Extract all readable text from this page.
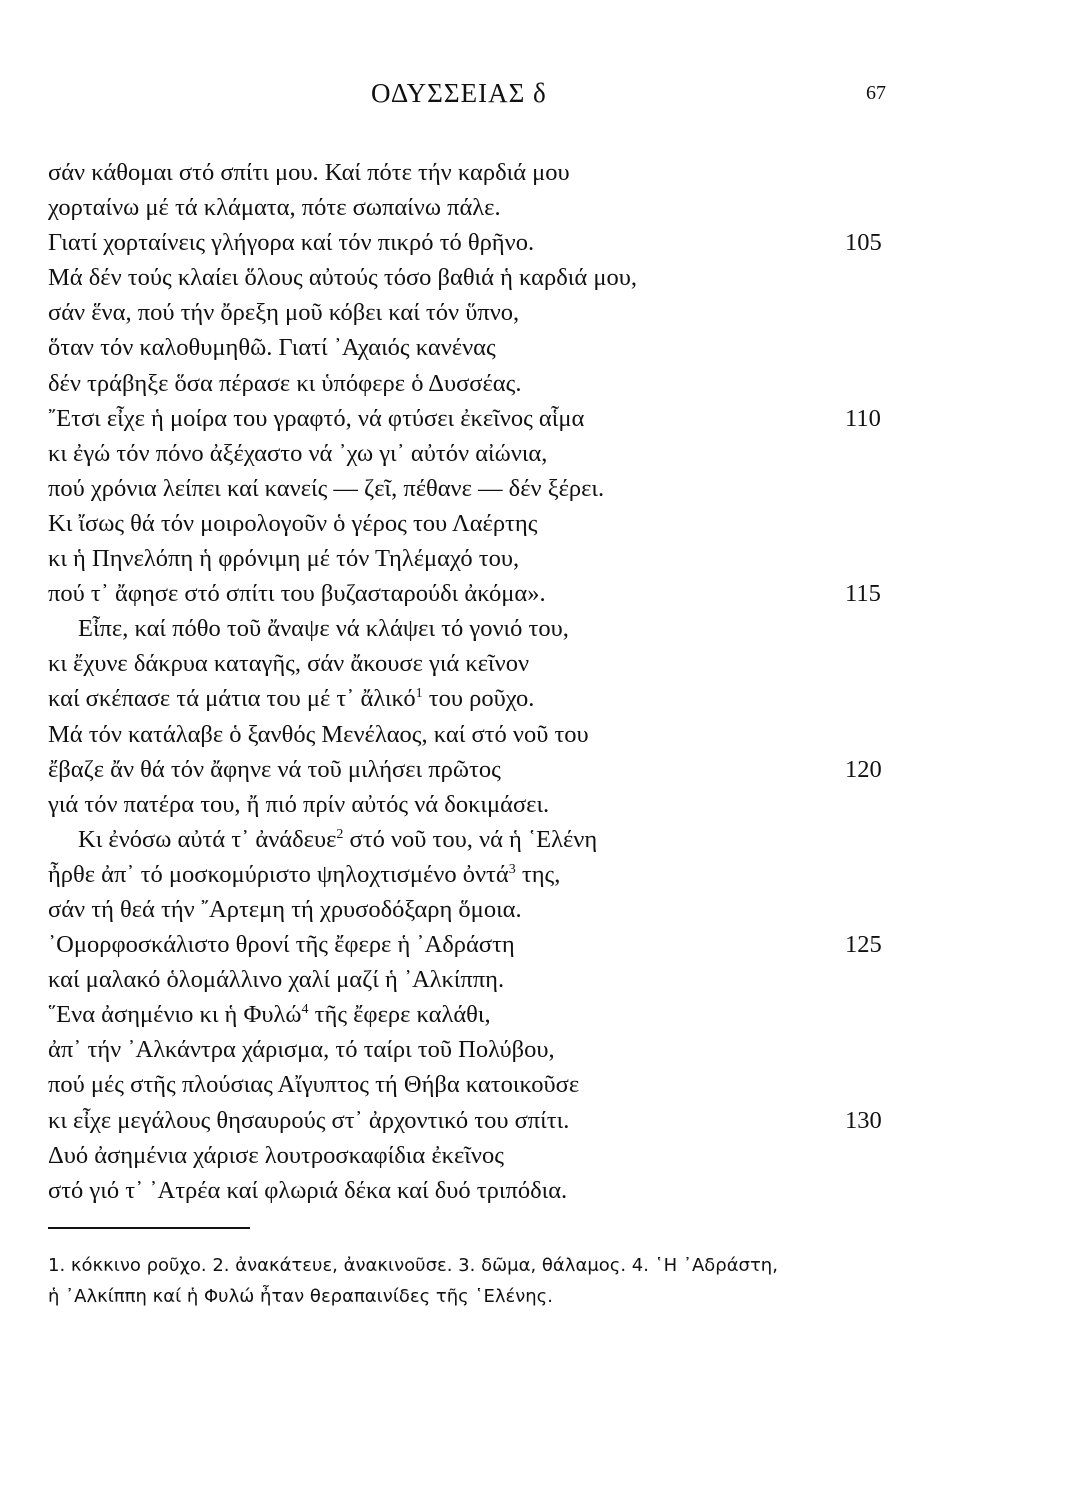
ΟΔΥΣΣΕΙΑΣ δ	67
σάν κάθομαι στό σπίτι μου. Καί πότε τήν καρδιά μου
χορταίνω μέ τά κλάματα, πότε σωπαίνω πάλε.
Γιατί χορταίνεις γλήγορα καί τόν πικρό τό θρῆνο.	105
Μά δέν τούς κλαίει ὅλους αὐτούς τόσο βαθιά ἡ καρδιά μου,
σάν ἕνα, πού τήν ὄρεξη μοῦ κόβει καί τόν ὕπνο,
ὅταν τόν καλοθυμηθῶ. Γιατί ᾿Αχαιός κανένας
δέν τράβηξε ὅσα πέρασε κι ὑπόφερε ὁ Δυσσέας.
῎Ετσι εἶχε ἡ μοίρα του γραφτό, νά φτύσει ἐκεῖνος αἷμα	110
κι ἐγώ τόν πόνο ἀξέχαστο νά ᾿χω γι᾿ αὐτόν αἰώνια,
πού χρόνια λείπει καί κανείς — ζεῖ, πέθανε — δέν ξέρει.
Κι ἴσως θά τόν μοιρολογοῦν ὁ γέρος του Λαέρτης
κι ἡ Πηνελόπη ἡ φρόνιμη μέ τόν Τηλέμαχό του,
πού τ᾿ ἄφησε στό σπίτι του βυζασταρούδι ἀκόμα».	115
Εἶπε, καί πόθο τοῦ ἄναψε νά κλάψει τό γονιό του,
κι ἔχυνε δάκρυα καταγῆς, σάν ἄκουσε γιά κεῖνον
καί σκέπασε τά μάτια του μέ τ᾿ ἄλικό$^1$ του ροῦχο.
Μά τόν κατάλαβε ὁ ξανθός Μενέλαος, καί στό νοῦ του
ἔβαζε ἄν θά τόν ἄφηνε νά τοῦ μιλήσει πρῶτος	120
γιά τόν πατέρα του, ἤ πιό πρίν αὐτός νά δοκιμάσει.
Κι ἐνόσω αὐτά τ᾿ ἀνάδευε$^2$ στό νοῦ του, νά ἡ ῾Ελένη
ἦρθε ἀπ᾿ τό μοσκομύριστο ψηλοχτισμένο ὀντά$^3$ της,
σάν τή θεά τήν ῎Αρτεμη τή χρυσοδόξαρη ὅμοια.
᾿Ομορφοσκάλιστο θρονί τῆς ἔφερε ἡ ᾿Αδράστη	125
καί μαλακό ὁλομάλλινο χαλί μαζί ἡ ᾿Αλκίππη.
῞Ενα ἀσημένιο κι ἡ Φυλώ$^4$ τῆς ἔφερε καλάθι,
ἀπ᾿ τήν ᾿Αλκάντρα χάρισμα, τό ταίρι τοῦ Πολύβου,
πού μές στῆς πλούσιας Αἴγυπτος τή Θήβα κατοικοῦσε
κι εἶχε μεγάλους θησαυρούς στ᾿ ἀρχοντικό του σπίτι.	130
Δυό ἀσημένια χάρισε λουτροσκαφίδια ἐκεῖνος
στό γιό τ᾿ ᾿Ατρέα καί φλωριά δέκα καί δυό τριπόδια.
1. κόκκινο ροῦχο. 2. ἀνακάτευε, ἀνακινοῦσε. 3. δῶμα, θάλαμος. 4. ῾Η ᾿Αδράστη,
ἡ ᾿Αλκίππη καί ἡ Φυλώ ἦταν θεραπαινίδες τῆς ῾Ελένης.
